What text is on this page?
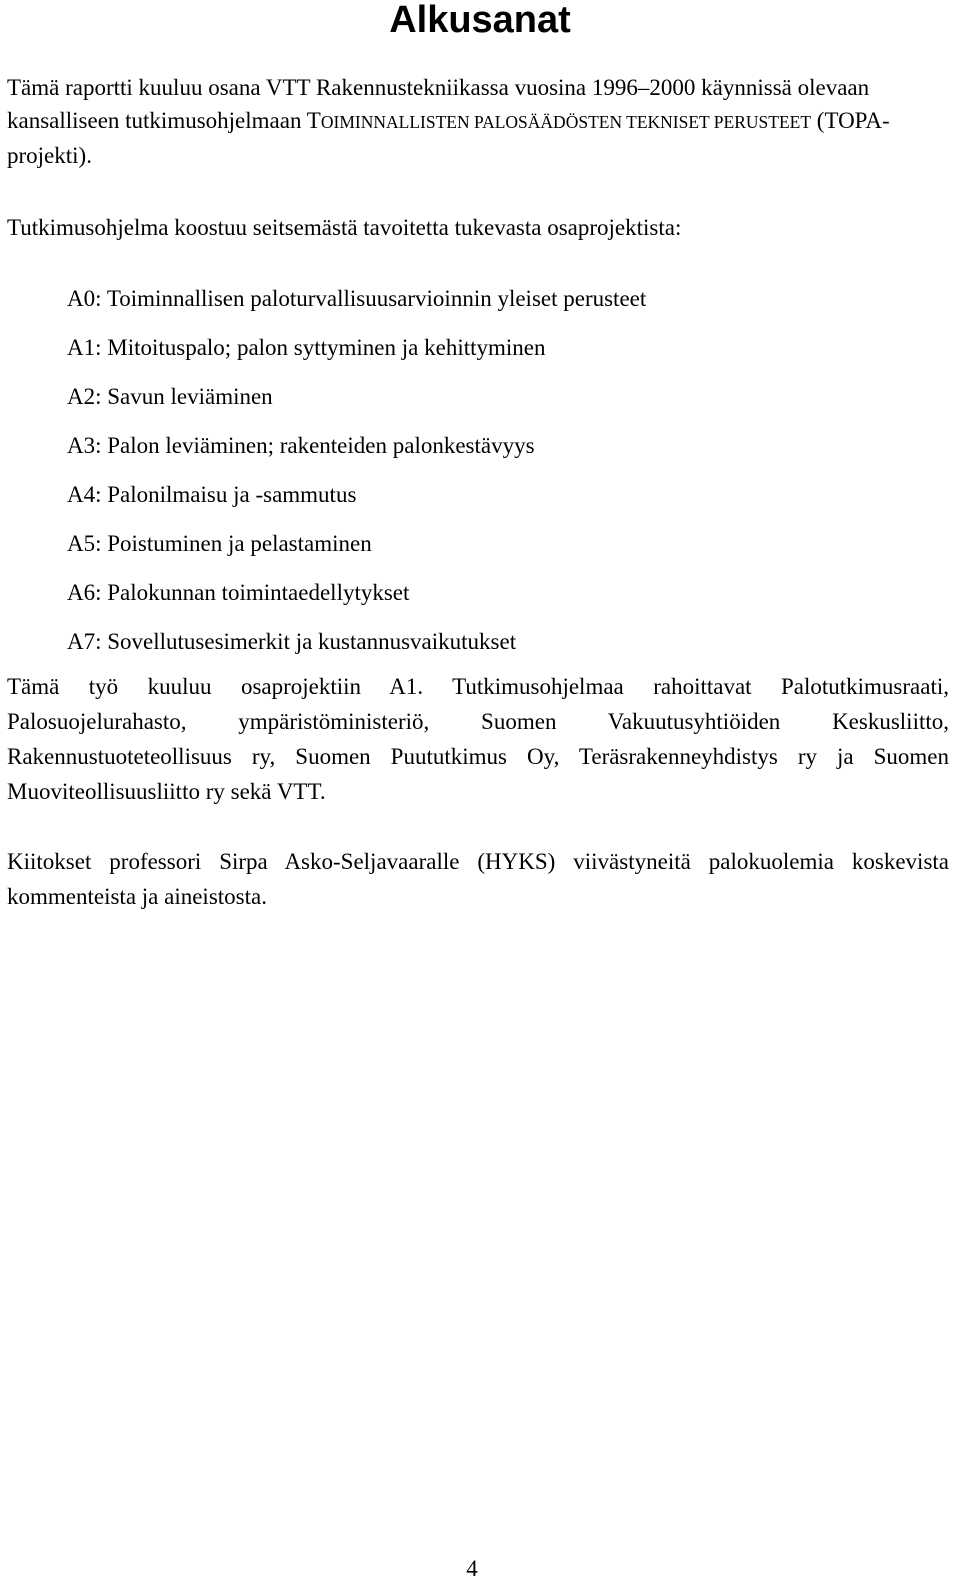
Alkusanat

Tämä raportti kuuluu osana VTT Rakennustekniikassa vuosina 1996–2000 käynnissä olevaan kansalliseen tutkimusohjelmaan TOIMINNALLISTEN PALOSÄÄDÖSTEN TEKNISET PERUSTEET (TOPA-projekti).

Tutkimusohjelma koostuu seitsemästä tavoitetta tukevasta osaprojektista:

A0: Toiminnallisen paloturvallisuusarvioinnin yleiset perusteet
A1: Mitoituspalo; palon syttyminen ja kehittyminen
A2: Savun leviäminen
A3: Palon leviäminen; rakenteiden palonkestävyys
A4: Palonilmaisu ja -sammutus
A5: Poistuminen ja pelastaminen
A6: Palokunnan toimintaedellytykset
A7: Sovellutusesimerkit ja kustannusvaikutukset

Tämä työ kuuluu osaprojektiin A1. Tutkimusohjelmaa rahoittavat Palotutkimusraati, Palosuojelurahasto, ympäristöministeriö, Suomen Vakuutusyhtiöiden Keskusliitto, Rakennustuoteteollisuus ry, Suomen Puututkimus Oy, Teräsrakenneyhdistys ry ja Suomen Muoviteollisuusliitto ry sekä VTT.

Kiitokset professori Sirpa Asko-Seljavaaralle (HYKS) viivästyneitä palokuolemia koskevista kommenteista ja aineistosta.

4
